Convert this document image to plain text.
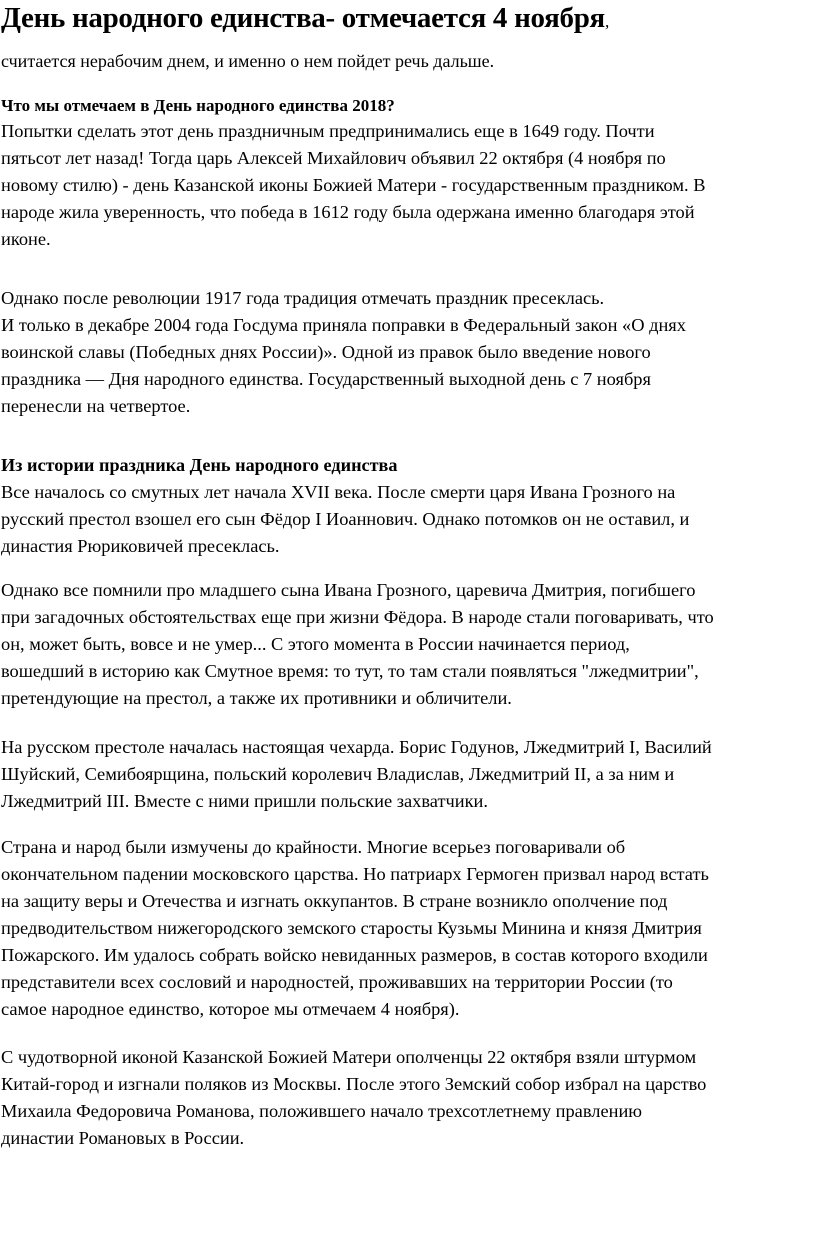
День народного единства- отмечается 4 ноября,
считается нерабочим днем, и именно о нем пойдет речь дальше.
Что мы отмечаем в День народного единства 2018?
Попытки сделать этот день праздничным предпринимались еще в 1649 году. Почти
пятьсот лет назад! Тогда царь Алексей Михайлович объявил 22 октября (4 ноября по
новому стилю) - день Казанской иконы Божией Матери - государственным праздником. В
народе жила уверенность, что победа в 1612 году была одержана именно благодаря этой
иконе.
Однако после революции 1917 года традиция отмечать праздник пресеклась.
И только в декабре 2004 года Госдума приняла поправки в Федеральный закон «О днях
воинской славы (Победных днях России)». Одной из правок было введение нового
праздника — Дня народного единства. Государственный выходной день с 7 ноября
перенесли на четвертое.
Из истории праздника День народного единства
Все началось со смутных лет начала XVII века. После смерти царя Ивана Грозного на
русский престол взошел его сын Фёдор I Иоаннович. Однако потомков он не оставил, и
династия Рюриковичей пресеклась.
Однако все помнили про младшего сына Ивана Грозного, царевича Дмитрия, погибшего
при загадочных обстоятельствах еще при жизни Фёдора. В народе стали поговаривать, что
он, может быть, вовсе и не умер... С этого момента в России начинается период,
вошедший в историю как Смутное время: то тут, то там стали появляться "лжедмитрии",
претендующие на престол, а также их противники и обличители.
На русском престоле началась настоящая чехарда. Борис Годунов, Лжедмитрий I, Василий
Шуйский, Семибоярщина, польский королевич Владислав, Лжедмитрий II, а за ним и
Лжедмитрий III. Вместе с ними пришли польские захватчики.
Страна и народ были измучены до крайности. Многие всерьез поговаривали об
окончательном падении московского царства. Но патриарх Гермоген призвал народ встать
на защиту веры и Отечества и изгнать оккупантов. В стране возникло ополчение под
предводительством нижегородского земского старосты Кузьмы Минина и князя Дмитрия
Пожарского. Им удалось собрать войско невиданных размеров, в состав которого входили
представители всех сословий и народностей, проживавших на территории России (то
самое народное единство, которое мы отмечаем 4 ноября).
С чудотворной иконой Казанской Божией Матери ополченцы 22 октября взяли штурмом
Китай-город и изгнали поляков из Москвы. После этого Земский собор избрал на царство
Михаила Федоровича Романова, положившего начало трехсотлетнему правлению
династии Романовых в России.
